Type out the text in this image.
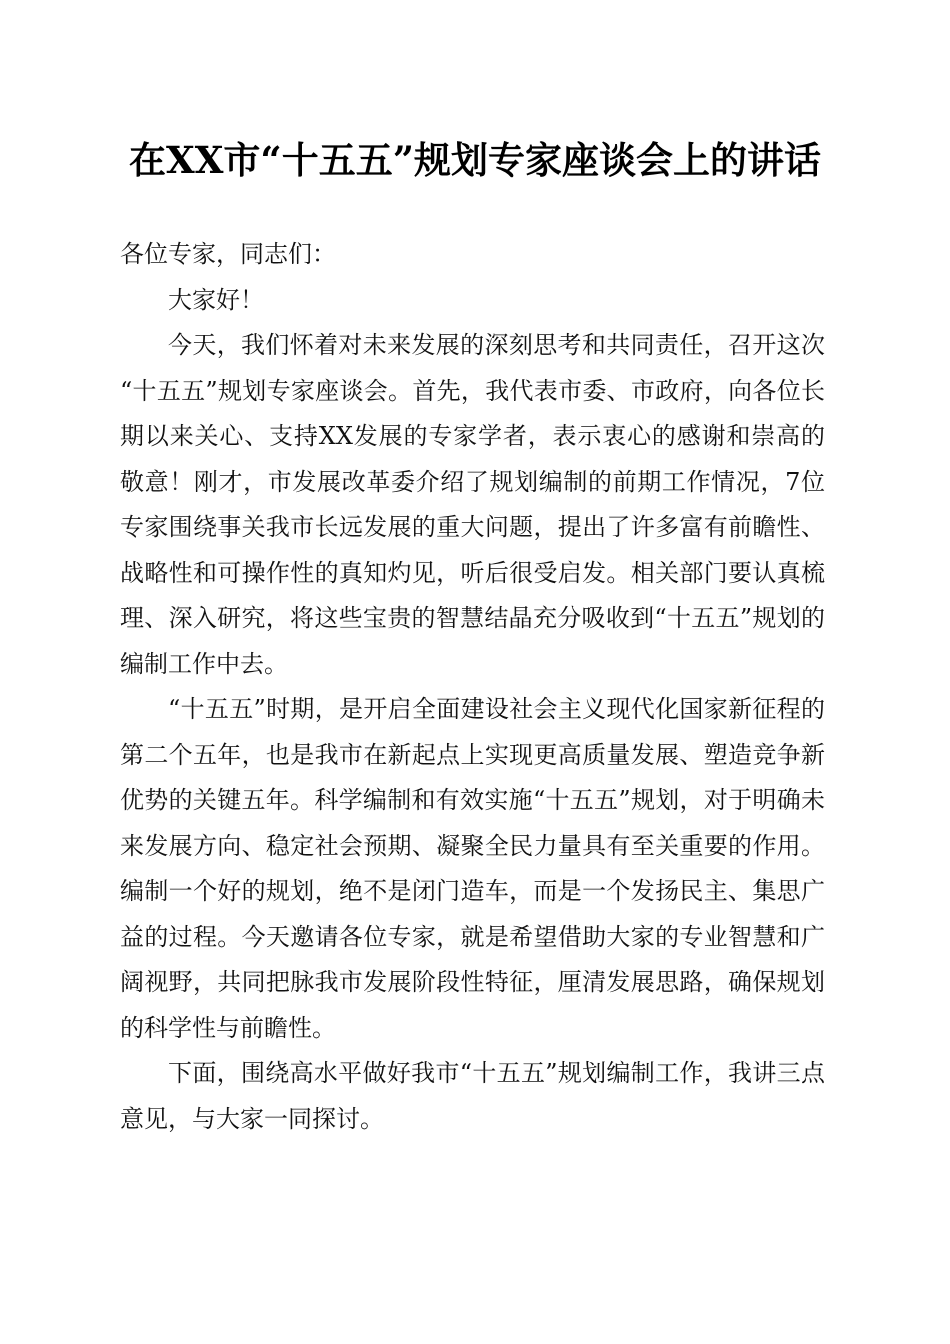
在XX市“十五五”规划专家座谈会上的讲话

各位专家，同志们：

大家好！

今天，我们怀着对未来发展的深刻思考和共同责任，召开这次“十五五”规划专家座谈会。首先，我代表市委、市政府，向各位长期以来关心、支持XX发展的专家学者，表示衷心的感谢和崇高的敬意！刚才，市发展改革委介绍了规划编制的前期工作情况，7位专家围绕事关我市长远发展的重大问题，提出了许多富有前瞻性、战略性和可操作性的真知灼见，听后很受启发。相关部门要认真梳理、深入研究，将这些宝贵的智慧结晶充分吸收到“十五五”规划的编制工作中去。

“十五五”时期，是开启全面建设社会主义现代化国家新征程的第二个五年，也是我市在新起点上实现更高质量发展、塑造竞争新优势的关键五年。科学编制和有效实施“十五五”规划，对于明确未来发展方向、稳定社会预期、凝聚全民力量具有至关重要的作用。编制一个好的规划，绝不是闭门造车，而是一个发扬民主、集思广益的过程。今天邀请各位专家，就是希望借助大家的专业智慧和广阔视野，共同把脉我市发展阶段性特征，厘清发展思路，确保规划的科学性与前瞻性。

下面，围绕高水平做好我市“十五五”规划编制工作，我讲三点意见，与大家一同探讨。
